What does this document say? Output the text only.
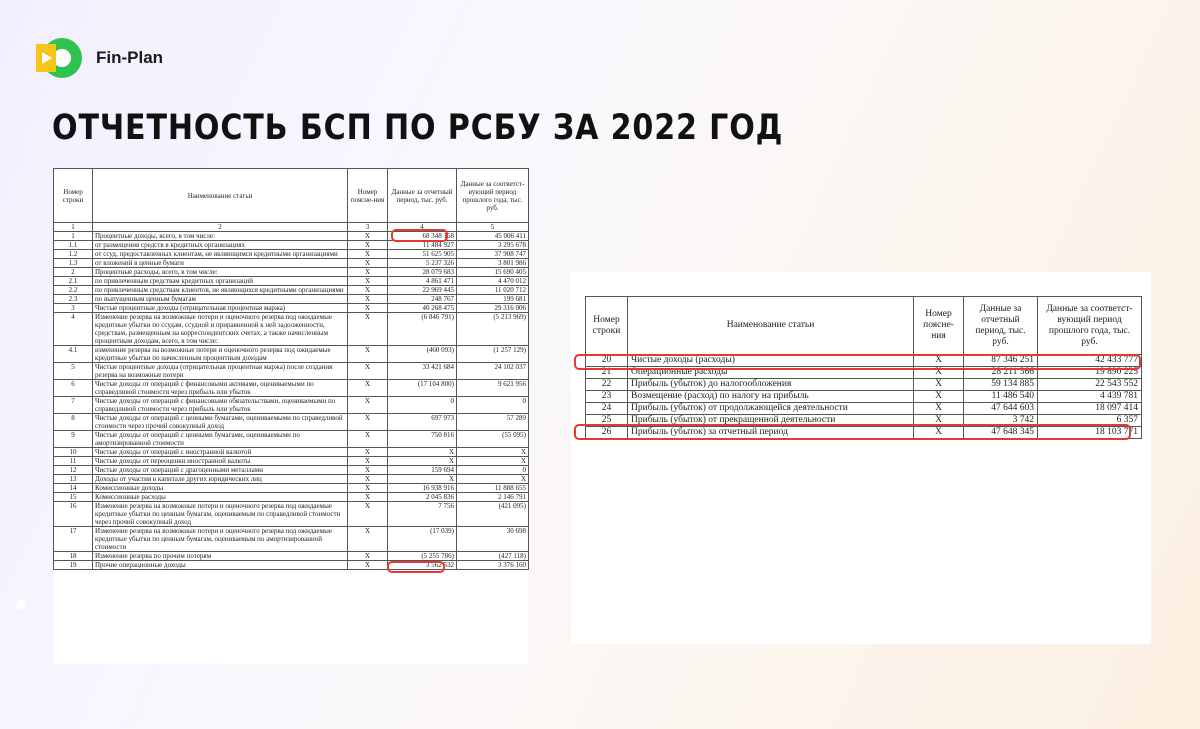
Fin-Plan
ОТЧЕТНОСТЬ БСП ПО РСБУ ЗА 2022 ГОД
Номер строки	Наименование статьи	Номер поясне-ния	Данные за отчетный период, тыс. руб.	Данные за соответст-вующий период прошлого года, тыс. руб.
1	2	3	4	5
1	Процентные доходы, всего, в том числе:	X	68 348 158	45 006 411
1.1	от размещения средств в кредитных организациях	X	11 484 927	3 295 678
1.2	от ссуд, предоставленных клиентам, не являющимся кредитными организациями	X	51 625 905	37 908 747
1.3	от вложений в ценные бумаги	X	5 237 326	3 801 986
2	Процентные расходы, всего, в том числе:	X	28 079 683	15 690 405
2.1	по привлеченным средствам кредитных организаций	X	4 861 471	4 470 012
2.2	по привлеченным средствам клиентов, не являющихся кредитными организациями	X	22 969 445	11 020 712
2.3	по выпущенным ценным бумагам	X	248 767	199 681
3	Чистые процентные доходы (отрицательная процентная маржа)	X	40 268 475	29 316 006
4	Изменение резерва на возможные потери и оценочного резерва под ожидаемые кредитные убытки по ссудам, ссудной и приравненной к ней задолженности, средствам, размещенным на корреспондентских счетах, а также начисленным процентным доходам, всего, в том числе:	X	(6 846 791)	(5 213 969)
4.1	изменение резерва на возможные потери и оценочного резерва под ожидаемые кредитные убытки по начисленным процентным доходам	X	(460 093)	(1 257 129)
5	Чистые процентные доходы (отрицательная процентная маржа) после создания резерва на возможные потери	X	33 421 684	24 102 037
6	Чистые доходы от операций с финансовыми активами, оцениваемыми по справедливой стоимости через прибыль или убыток	X	(17 104 800)	9 621 956
7	Чистые доходы от операций с финансовыми обязательствами, оцениваемыми по справедливой стоимости через прибыль или убыток	X	0	0
8	Чистые доходы от операций с ценными бумагами, оцениваемыми по справедливой стоимости через прочий совокупный доход	X	697 973	57 289
9	Чистые доходы от операций с ценными бумагами, оцениваемыми по амортизированной стоимости	X	750 816	(55 095)
10	Чистые доходы от операций с иностранной валютой	X	X	X
11	Чистые доходы от переоценки иностранной валюты	X	X	X
12	Чистые доходы от операций с драгоценными металлами	X	159 694	0
13	Доходы от участия в капитале других юридических лиц	X	X	X
14	Комиссионные доходы	X	16 938 916	11 888 655
15	Комиссионные расходы	X	2 045 836	2 146 791
16	Изменение резерва на возможные потери и оценочного резерва под ожидаемые кредитные убытки по ценным бумагам, оцениваемым по справедливой стоимости через прочий совокупный доход	X	7 756	(421 095)
17	Изменение резерва на возможные потери и оценочного резерва под ожидаемые кредитные убытки по ценным бумагам, оцениваемым по амортизированной стоимости	X	(17 039)	30 698
18	Изменение резерва по прочим потерям	X	(5 255 786)	(427 118)
19	Прочие операционные доходы	X	3 562 532	3 376 160
Номер строки	Наименование статьи	Номер поясне-ния	Данные за отчетный период, тыс. руб.	Данные за соответст-вующий период прошлого года, тыс. руб.
20	Чистые доходы (расходы)	X	87 346 251	42 433 777
21	Операционные расходы	X	28 211 366	19 890 225
22	Прибыль (убыток) до налогообложения	X	59 134 885	22 543 552
23	Возмещение (расход) по налогу на прибыль	X	11 486 540	4 439 781
24	Прибыль (убыток) от продолжающейся деятельности	X	47 644 603	18 097 414
25	Прибыль (убыток) от прекращенной деятельности	X	3 742	6 357
26	Прибыль (убыток) за отчетный период	X	47 648 345	18 103 771
